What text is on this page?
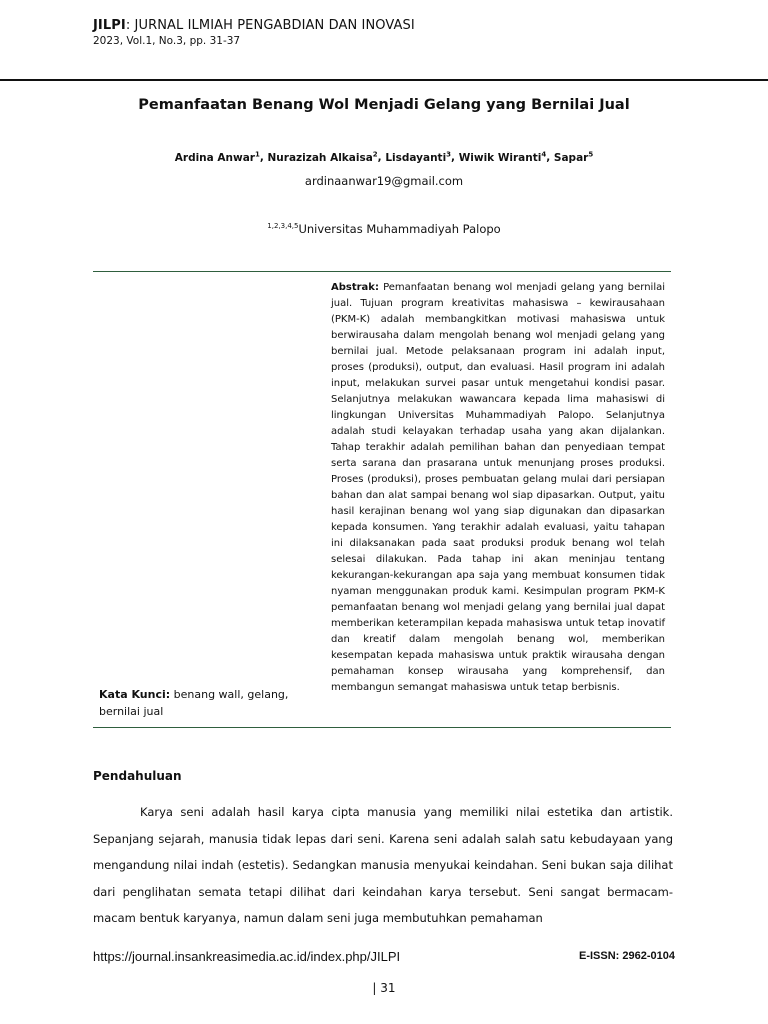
JILPI: JURNAL ILMIAH PENGABDIAN DAN INOVASI
2023, Vol.1, No.3, pp. 31-37
Pemanfaatan Benang Wol Menjadi Gelang yang Bernilai Jual
Ardina Anwar$^1$, Nurazizah Alkaisa$^2$, Lisdayanti$^3$, Wiwik Wiranti$^4$, Sapar$^5$
ardinaanwar19@gmail.com
$^{1,2,3,4,5}$Universitas Muhammadiyah Palopo
Abstrak: Pemanfaatan benang wol menjadi gelang yang bernilai jual. Tujuan program kreativitas mahasiswa – kewirausahaan (PKM-K) adalah membangkitkan motivasi mahasiswa untuk berwirausaha dalam mengolah benang wol menjadi gelang yang bernilai jual. Metode pelaksanaan program ini adalah input, proses (produksi), output, dan evaluasi. Hasil program ini adalah input, melakukan survei pasar untuk mengetahui kondisi pasar. Selanjutnya melakukan wawancara kepada lima mahasiswi di lingkungan Universitas Muhammadiyah Palopo. Selanjutnya adalah studi kelayakan terhadap usaha yang akan dijalankan. Tahap terakhir adalah pemilihan bahan dan penyediaan tempat serta sarana dan prasarana untuk menunjang proses produksi. Proses (produksi), proses pembuatan gelang mulai dari persiapan bahan dan alat sampai benang wol siap dipasarkan. Output, yaitu hasil kerajinan benang wol yang siap digunakan dan dipasarkan kepada konsumen. Yang terakhir adalah evaluasi, yaitu tahapan ini dilaksanakan pada saat produksi produk benang wol telah selesai dilakukan. Pada tahap ini akan meninjau tentang kekurangan-kekurangan apa saja yang membuat konsumen tidak nyaman menggunakan produk kami. Kesimpulan program PKM-K pemanfaatan benang wol menjadi gelang yang bernilai jual dapat memberikan keterampilan kepada mahasiswa untuk tetap inovatif dan kreatif dalam mengolah benang wol, memberikan kesempatan kepada mahasiswa untuk praktik wirausaha dengan pemahaman konsep wirausaha yang komprehensif, dan membangun semangat mahasiswa untuk tetap berbisnis.
Kata Kunci: benang wall, gelang, bernilai jual
Pendahuluan
Karya seni adalah hasil karya cipta manusia yang memiliki nilai estetika dan artistik. Sepanjang sejarah, manusia tidak lepas dari seni. Karena seni adalah salah satu kebudayaan yang mengandung nilai indah (estetis). Sedangkan manusia menyukai keindahan. Seni bukan saja dilihat dari penglihatan semata tetapi dilihat dari keindahan karya tersebut. Seni sangat bermacam-macam bentuk karyanya, namun dalam seni juga membutuhkan pemahaman
https://journal.insankreasimedia.ac.id/index.php/JILPI	E-ISSN: 2962-0104
| 31
